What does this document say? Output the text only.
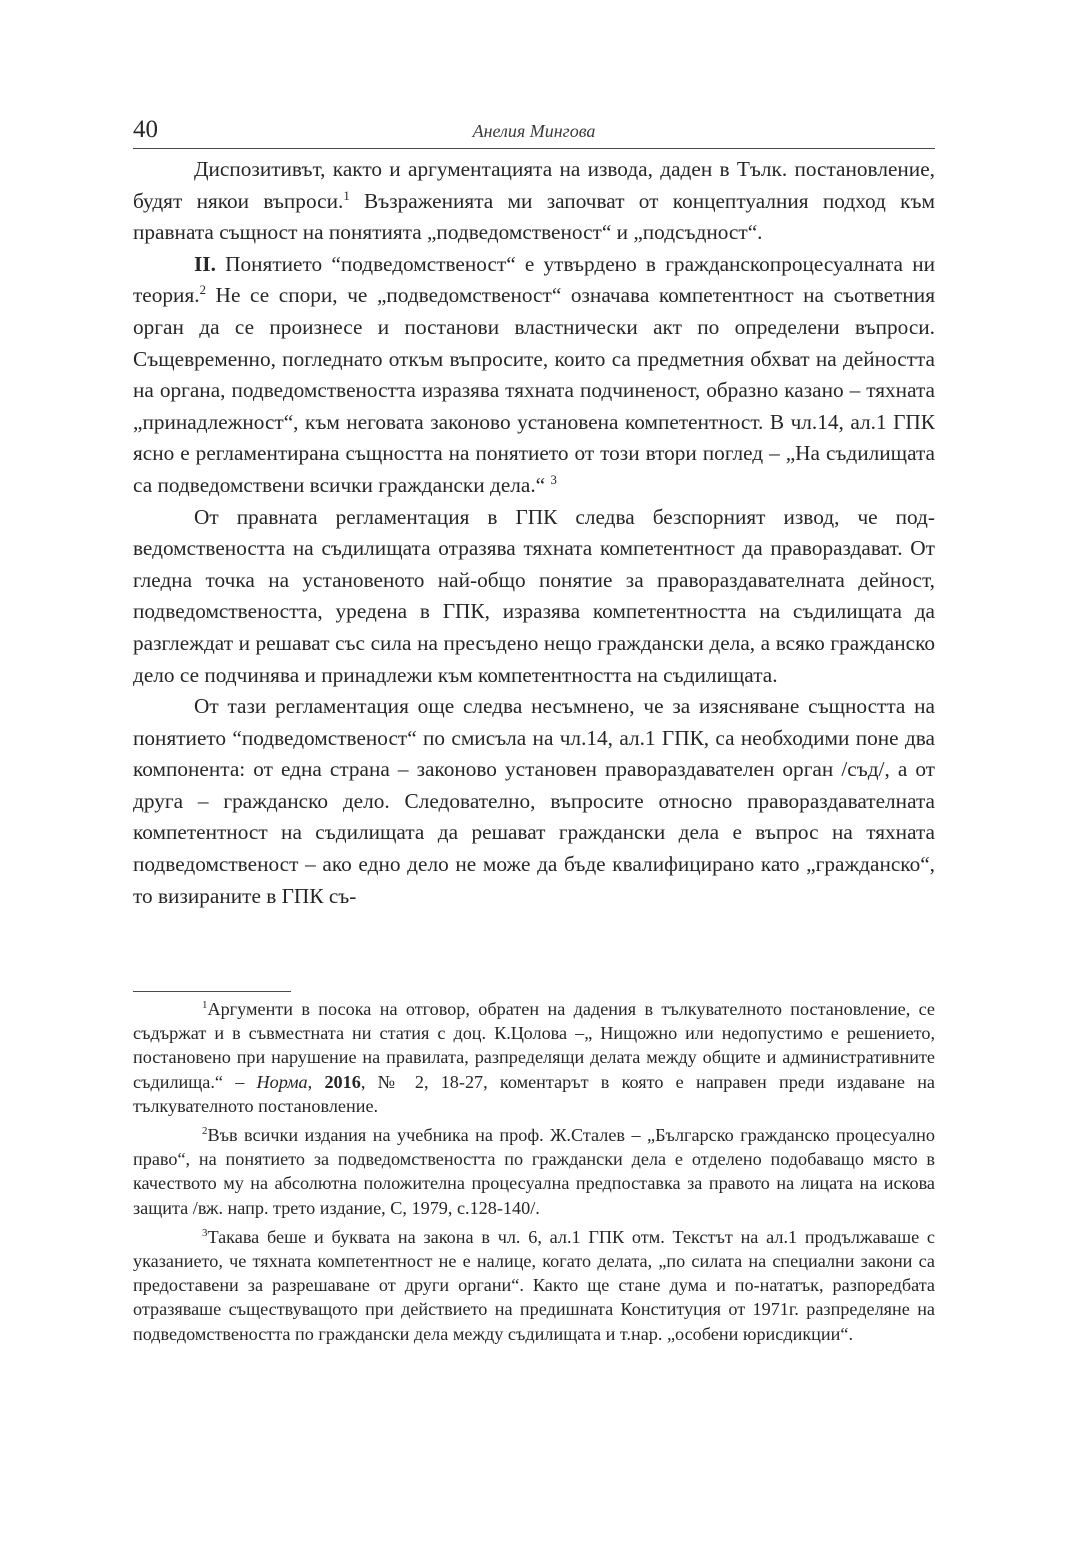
40	Анелия Мингова

Диспозитивът, както и аргументацията на извода, даден в Тълк. постановление, будят някои въпроси.$^1$ Възраженията ми започват от концептуалния подход към правната същност на понятията „подведомственост“ и „подсъдност“.

II. Понятието “подведомственост“ е утвърдено в гражданскопроцесуалната ни теория.$^2$ Не се спори, че „подведомственост“ означава компетентност на съответния орган да се произнесе и постанови властнически акт по определени въпроси. Същевременно, погледнато откъм въпросите, които са предметния обхват на дейността на органа, подведомствеността изразява тяхната подчиненост, образно казано – тяхната „принадлежност“, към неговата законово установена компетентност. В чл.14, ал.1 ГПК ясно е регламентирана същността на понятието от този втори поглед – „На съдилищата са подведомствени всички граждански дела.“ $^3$

От правната регламентация в ГПК следва безспорният извод, че подведомствеността на съдилищата отразява тяхната компетентност да правораздават. От гледна точка на установеното най-общо понятие за правораздaвателната дейност, подведомствеността, уредена в ГПК, изразява компетентността на съдилищата да разглеждат и решават със сила на пресъдено нещо граждански дела, а всяко гражданско дело се подчинява и принадлежи към компетентността на съдилищата.

От тази регламентация още следва несъмнено, че за изясняване същността на понятието “подведомственост“ по смисъла на чл.14, ал.1 ГПК, са необходими поне два компонента: от една страна – законово установен правораздавателен орган /съд/, а от друга – гражданско дело. Следователно, въпросите относно правораздавателната компетентност на съдилищата да решават граждански дела е въпрос на тяхната подведомственост – ако едно дело не може да бъде квалифицирано като „гражданско“, то визираните в ГПК съ-

$^1$Аргументи в посока на отговор, обратен на дадения в тълкувателното постановление, се съдържат и в съвместната ни статия с доц. К.Цолова –„ Нищожно или недопустимо е решението, постановено при нарушение на правилата, разпределящи делата между общите и административните съдилища.“ – Норма, 2016, № 2, 18-27, коментарът в която е направен преди издаване на тълкувателното постановление.

$^2$Във всички издания на учебника на проф. Ж.Сталев – „Българско гражданско процесуално право“, на понятието за подведомствеността по граждански дела е отделено подобаващо място в качеството му на абсолютна положителна процесуална предпоставка за правото на лицата на искова защита /вж. напр. трето издание, С, 1979, с.128-140/.

$^3$Такава беше и буквата на закона в чл. 6, ал.1 ГПК отм. Текстът на ал.1 продължаваше с указанието, че тяхната компетентност не е налице, когато делата, „по силата на специални закони са предоставени за разрешаване от други органи“. Както ще стане дума и по-нататък, разпоредбата отразяваше съществуващото при действието на предишната Конституция от 1971г. разпределяне на подведомствеността по граждански дела между съдилищата и т.нар. „особени юрисдикции“.
